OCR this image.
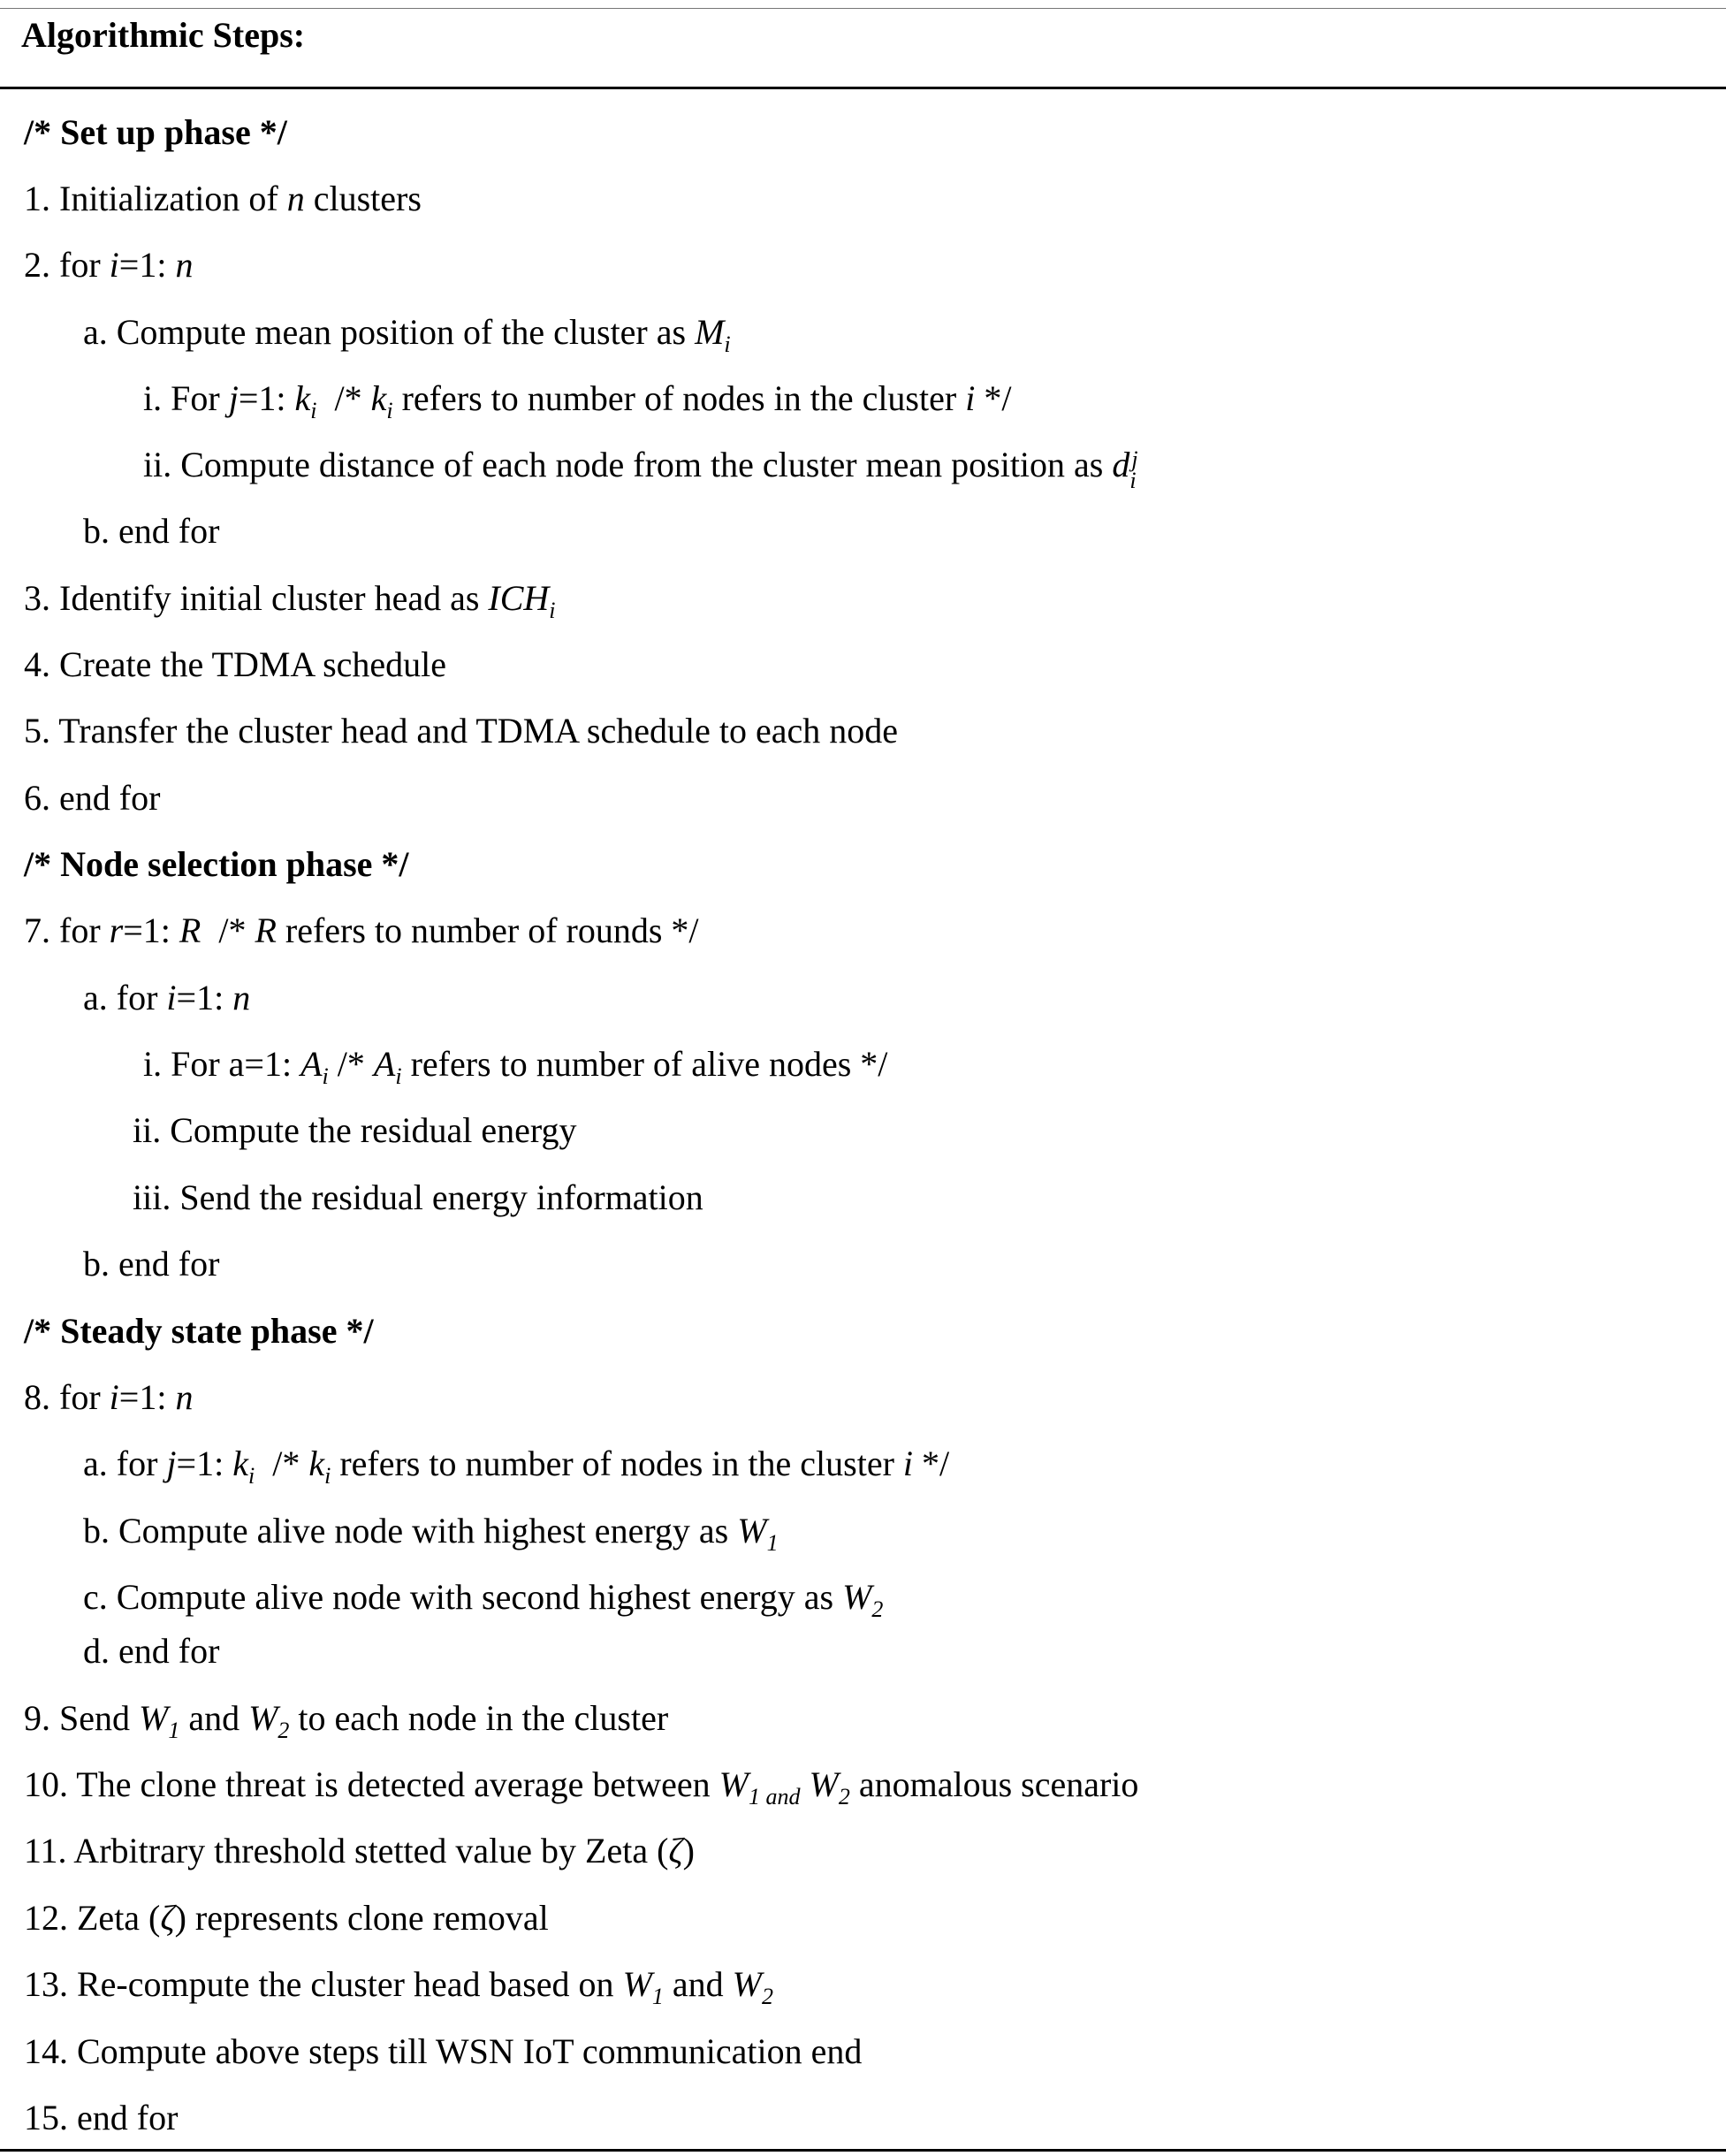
Algorithmic Steps:
/* Set up phase */
1. Initialization of n clusters
2. for i=1: n
a. Compute mean position of the cluster as $M_i$
i. For j=1: $k_i /* k_i$ refers to number of nodes in the cluster i */
ii. Compute distance of each node from the cluster mean position as d j
i
b. end for
3. Identify initial cluster head as $ICH_i$
4. Create the TDMA schedule
5. Transfer the cluster head and TDMA schedule to each node
6. end for
/* Node selection phase */
7. for r=1: R  /* R refers to number of rounds */
a. for i=1: n
i. For a=1: $A_i /* A_i$ refers to number of alive nodes */
ii. Compute the residual energy
iii. Send the residual energy information
b. end for
/* Steady state phase */
8. for i=1: n
a. for j=1: $k_i /* k_i$ refers to number of nodes in the cluster i */
b. Compute alive node with highest energy as $W_1$
c. Compute alive node with second highest energy as $W_2$
d. end for
9. Send $W_1$ and $W_2$ to each node in the cluster
10. The clone threat is detected average between $W_{1 and}$ $W_2$ anomalous scenario
11. Arbitrary threshold stetted value by Zeta (ζ)
12. Zeta (ζ) represents clone removal
13. Re-compute the cluster head based on $W_1$ and $W_2$
14. Compute above steps till WSN IoT communication end
15. end for
